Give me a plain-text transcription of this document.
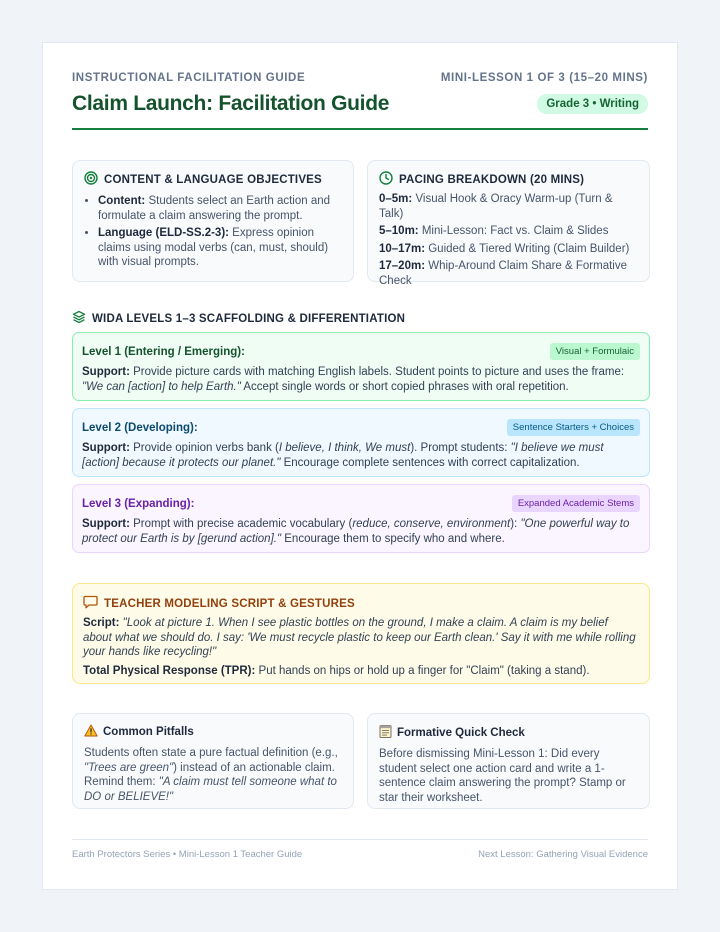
INSTRUCTIONAL FACILITATION GUIDE	MINI-LESSON 1 OF 3 (15–20 MINS)
Claim Launch: Facilitation Guide	Grade 3 • Writing
CONTENT & LANGUAGE OBJECTIVES
• Content: Students select an Earth action and formulate a claim answering the prompt.
• Language (ELD-SS.2-3): Express opinion claims using modal verbs (can, must, should) with visual prompts.
PACING BREAKDOWN (20 MINS)
0–5m: Visual Hook & Oracy Warm-up (Turn & Talk)
5–10m: Mini-Lesson: Fact vs. Claim & Slides
10–17m: Guided & Tiered Writing (Claim Builder)
17–20m: Whip-Around Claim Share & Formative Check
WIDA LEVELS 1–3 SCAFFOLDING & DIFFERENTIATION
Level 1 (Entering / Emerging):	Visual + Formulaic

Support: Provide picture cards with matching English labels. Student points to picture and uses the frame: "We can [action] to help Earth." Accept single words or short copied phrases with oral repetition.

Level 2 (Developing):	Sentence Starters + Choices

Support: Provide opinion verbs bank (I believe, I think, We must). Prompt students: "I believe we must [action] because it protects our planet." Encourage complete sentences with correct capitalization.

Level 3 (Expanding):	Expanded Academic Stems

Support: Prompt with precise academic vocabulary (reduce, conserve, environment): "One powerful way to protect our Earth is by [gerund action]." Encourage them to specify who and where.

TEACHER MODELING SCRIPT & GESTURES

Script: "Look at picture 1. When I see plastic bottles on the ground, I make a claim. A claim is my belief about what we should do. I say: 'We must recycle plastic to keep our Earth clean.' Say it with me while rolling your hands like recycling!"

Total Physical Response (TPR): Put hands on hips or hold up a finger for "Claim" (taking a stand).

Common Pitfalls

Students often state a pure factual definition (e.g., "Trees are green") instead of an actionable claim. Remind them: "A claim must tell someone what to DO or BELIEVE!"

Formative Quick Check

Before dismissing Mini-Lesson 1: Did every student select one action card and write a 1-sentence claim answering the prompt? Stamp or star their worksheet.

Earth Protectors Series • Mini-Lesson 1 Teacher Guide	Next Lesson: Gathering Visual Evidence
